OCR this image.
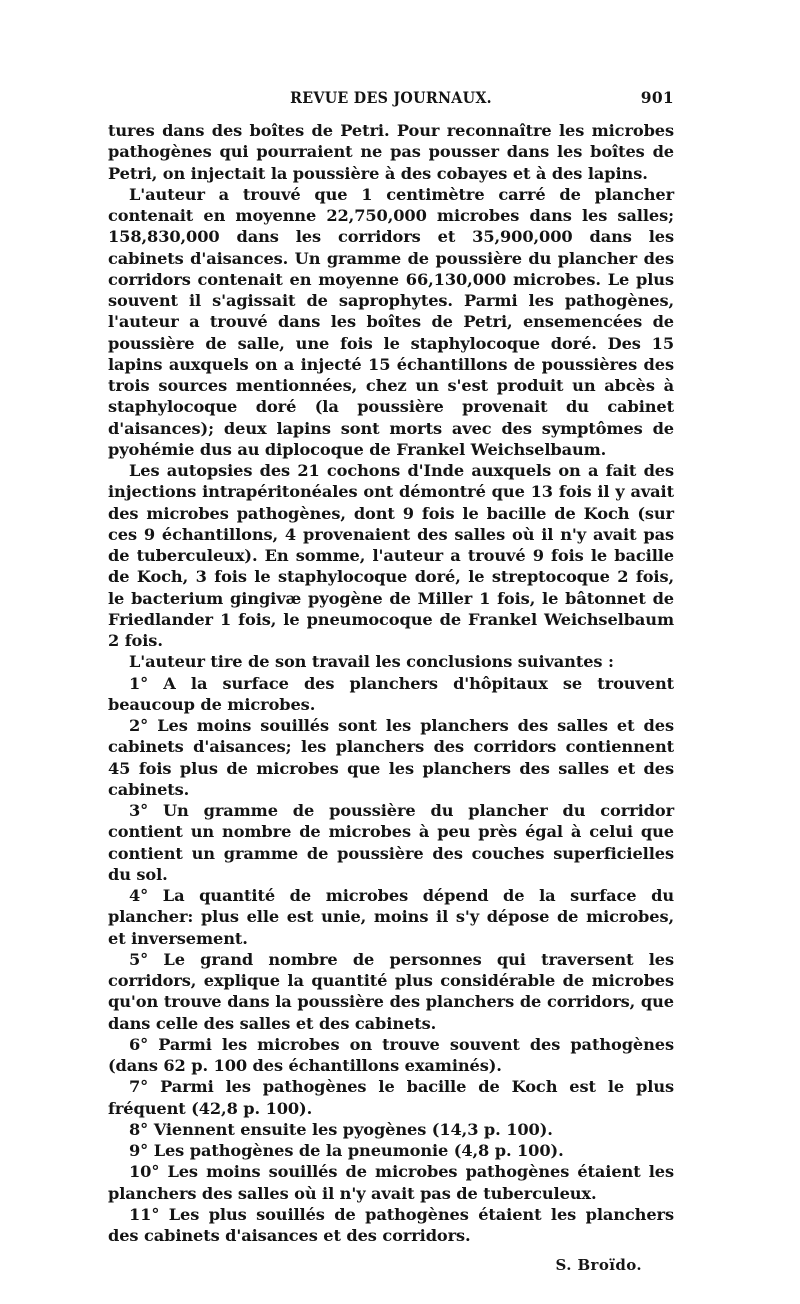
REVUE DES JOURNAUX.	901

tures dans des boîtes de Petri. Pour reconnaître les microbes pathogènes qui pourraient ne pas pousser dans les boîtes de Petri, on injectait la poussière à des cobayes et à des lapins.

L'auteur a trouvé que 1 centimètre carré de plancher contenait en moyenne 22,750,000 microbes dans les salles; 158,830,000 dans les corridors et 35,900,000 dans les cabinets d'aisances. Un gramme de poussière du plancher des corridors contenait en moyenne 66,130,000 microbes. Le plus souvent il s'agissait de saprophytes. Parmi les pathogènes, l'auteur a trouvé dans les boîtes de Petri, ensemencées de poussière de salle, une fois le staphylocoque doré. Des 15 lapins auxquels on a injecté 15 échantillons de poussières des trois sources mentionnées, chez un s'est produit un abcès à staphylocoque doré (la poussière provenait du cabinet d'aisances); deux lapins sont morts avec des symptômes de pyohémie dus au diplocoque de Frankel Weichselbaum.

Les autopsies des 21 cochons d'Inde auxquels on a fait des injections intrapéritonéales ont démontré que 13 fois il y avait des microbes pathogènes, dont 9 fois le bacille de Koch (sur ces 9 échantillons, 4 provenaient des salles où il n'y avait pas de tuberculeux). En somme, l'auteur a trouvé 9 fois le bacille de Koch, 3 fois le staphylocoque doré, le streptocoque 2 fois, le bacterium gingivæ pyogène de Miller 1 fois, le bâtonnet de Friedlander 1 fois, le pneumocoque de Frankel Weichselbaum 2 fois.

L'auteur tire de son travail les conclusions suivantes :

1° A la surface des planchers d'hôpitaux se trouvent beaucoup de microbes.

2° Les moins souillés sont les planchers des salles et des cabinets d'aisances; les planchers des corridors contiennent 45 fois plus de microbes que les planchers des salles et des cabinets.

3° Un gramme de poussière du plancher du corridor contient un nombre de microbes à peu près égal à celui que contient un gramme de poussière des couches superficielles du sol.

4° La quantité de microbes dépend de la surface du plancher: plus elle est unie, moins il s'y dépose de microbes, et inversement.

5° Le grand nombre de personnes qui traversent les corridors, explique la quantité plus considérable de microbes qu'on trouve dans la poussière des planchers de corridors, que dans celle des salles et des cabinets.

6° Parmi les microbes on trouve souvent des pathogènes (dans 62 p. 100 des échantillons examinés).

7° Parmi les pathogènes le bacille de Koch est le plus fréquent (42,8 p. 100).

8° Viennent ensuite les pyogènes (14,3 p. 100).

9° Les pathogènes de la pneumonie (4,8 p. 100).

10° Les moins souillés de microbes pathogènes étaient les planchers des salles où il n'y avait pas de tuberculeux.

11° Les plus souillés de pathogènes étaient les planchers des cabinets d'aisances et des corridors.

S. Broïdo.
